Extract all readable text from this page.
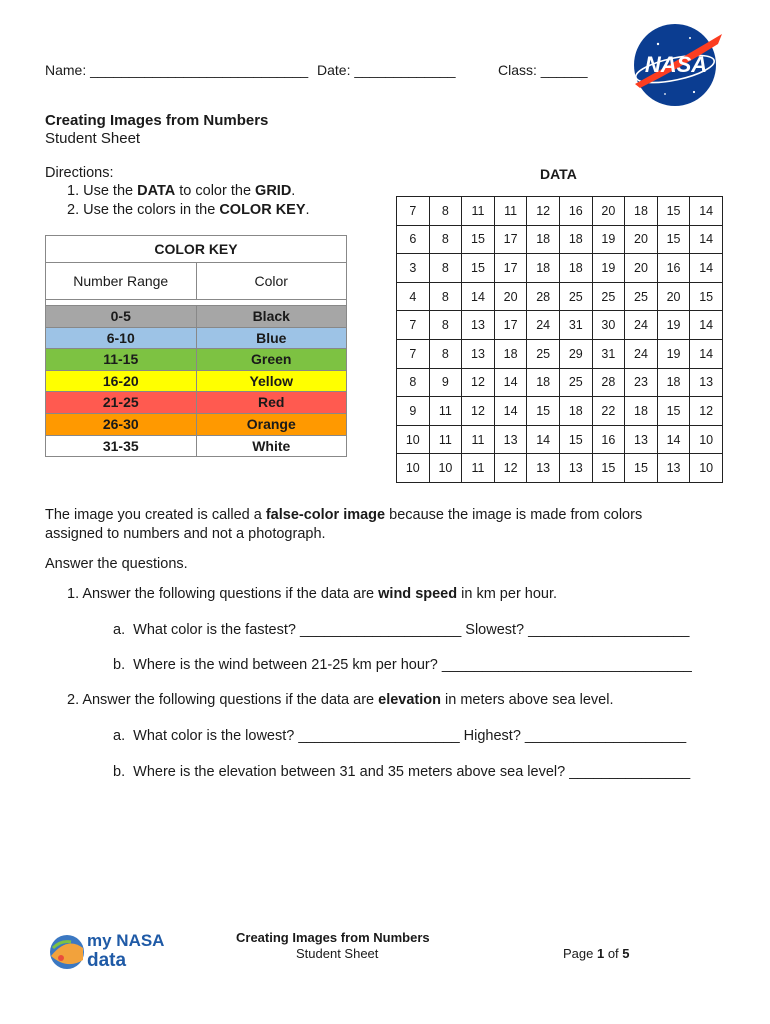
Name: ____________________________ Date: _____________	Class: ______	NASA
Creating Images from Numbers
Student Sheet
Directions:
1. Use the DATA to color the GRID.
2. Use the colors in the COLOR KEY.
COLOR KEY
Number Range	Color
0-5	Black
6-10	Blue
11-15	Green
16-20	Yellow
21-25	Red
26-30	Orange
31-35	White
DATA
7	8	11	11	12	16	20	18	15	14
6	8	15	17	18	18	19	20	15	14
3	8	15	17	18	18	19	20	16	14
4	8	14	20	28	25	25	25	20	15
7	8	13	17	24	31	30	24	19	14
7	8	13	18	25	29	31	24	19	14
8	9	12	14	18	25	28	23	18	13
9	11	12	14	15	18	22	18	15	12
10	11	11	13	14	15	16	13	14	10
10	10	11	12	13	13	15	15	13	10
The image you created is called a false-color image because the image is made from colors
assigned to numbers and not a photograph.
Answer the questions.
1. Answer the following questions if the data are wind speed in km per hour.
a.  What color is the fastest? ____________________ Slowest? ____________________
b.  Where is the wind between 21-25 km per hour? _______________________________
2. Answer the following questions if the data are elevation in meters above sea level.
a.  What color is the lowest? ____________________ Highest? ____________________
b.  Where is the elevation between 31 and 35 meters above sea level? _______________
my NASA
data
Creating Images from Numbers
Student Sheet	Page 1 of 5
